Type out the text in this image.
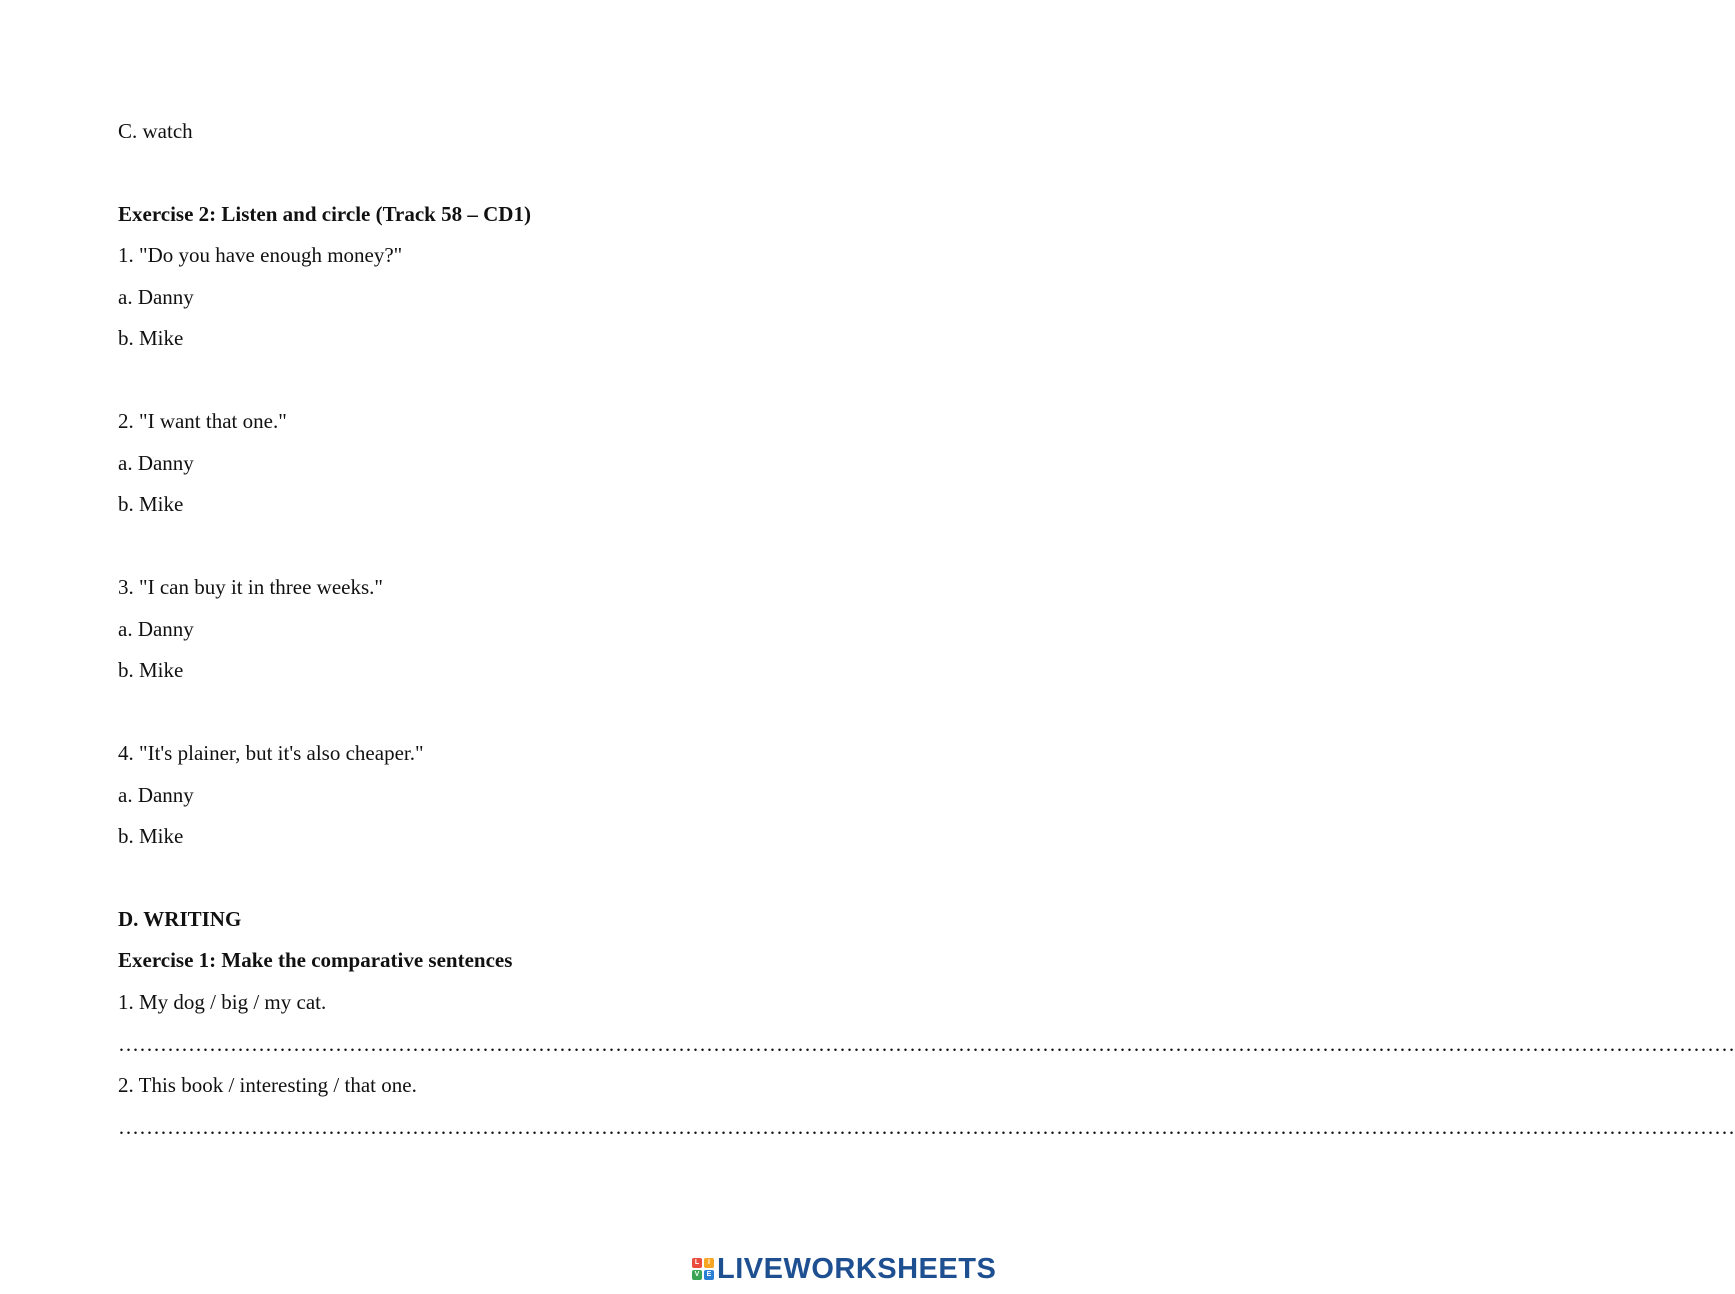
C. watch
Exercise 2: Listen and circle (Track 58 – CD1)
1. "Do you have enough money?"
a. Danny
b. Mike
2. "I want that one."
a. Danny
b. Mike
3. "I can buy it in three weeks."
a. Danny
b. Mike
4. "It's plainer, but it's also cheaper."
a. Danny
b. Mike
D. WRITING
Exercise 1: Make the comparative sentences
1. My dog / big / my cat.
……………………………………………………………………………………………………………………………………………………………………………………………………………
2. This book / interesting / that one.
……………………………………………………………………………………………………………………………………………………………………………………………………………
L	I
V	E LIVEWORKSHEETS
